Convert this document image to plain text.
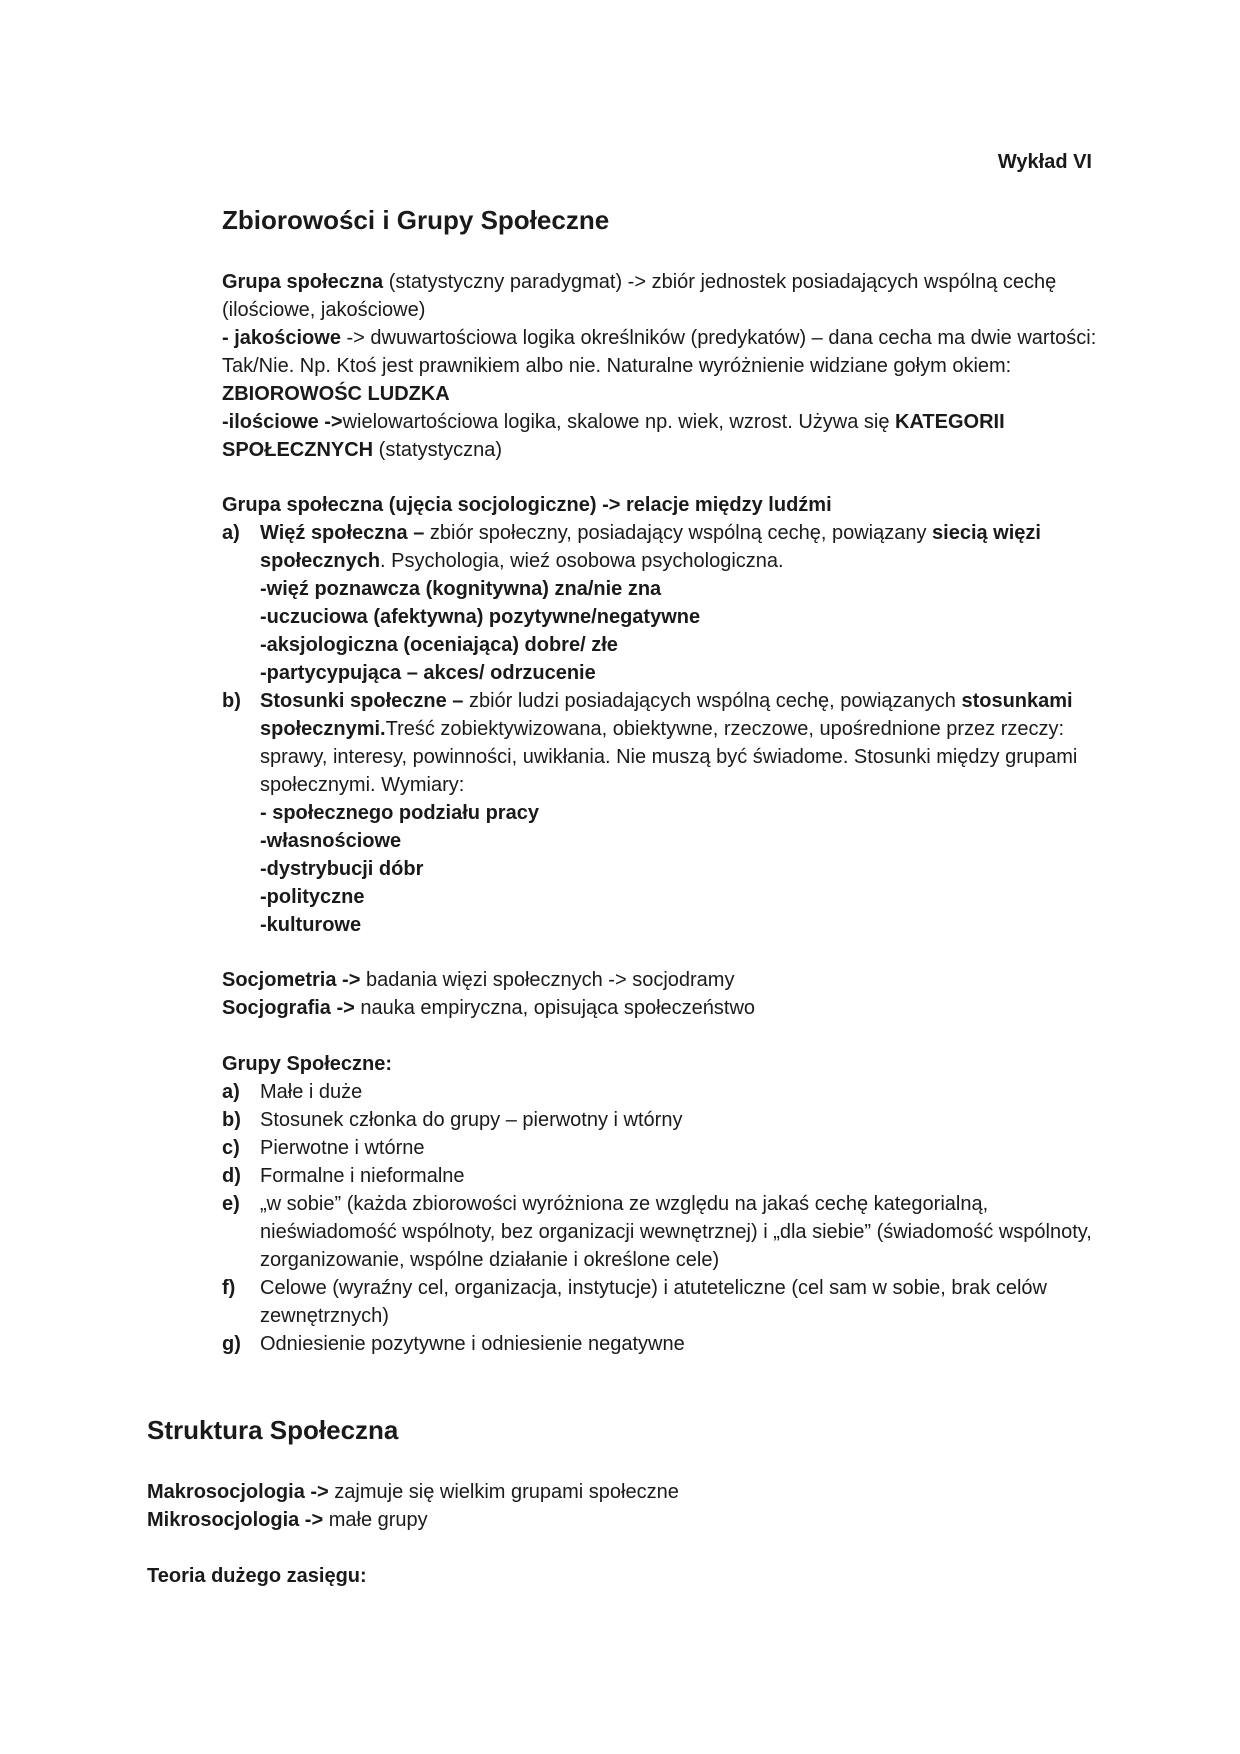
Wykład VI
Zbiorowości i Grupy Społeczne

Grupa społeczna (statystyczny paradygmat) -> zbiór jednostek posiadających wspólną cechę
(ilościowe, jakościowe)

- jakościowe -> dwuwartościowa logika określników (predykatów) – dana cecha ma dwie wartości: Tak/Nie. Np. Ktoś jest prawnikiem albo nie. Naturalne wyróżnienie widziane gołym okiem: ZBIOROWOŚC LUDZKA

-ilościowe ->wielowartościowa logika, skalowe np. wiek, wzrost. Używa się KATEGORII SPOŁECZNYCH (statystyczna)

Grupa społeczna (ujęcia socjologiczne) -> relacje między ludźmi

a)	Więź społeczna – zbiór społeczny, posiadający wspólną cechę, powiązany siecią więzi społecznych. Psychologia, wieź osobowa psychologiczna.
-więź poznawcza (kognitywna) zna/nie zna
-uczuciowa (afektywna) pozytywne/negatywne
-aksjologiczna (oceniająca) dobre/ złe
-partycypująca – akces/ odrzucenie
b) Stosunki społeczne – zbiór ludzi posiadających wspólną cechę, powiązanych stosunkami społecznymi.Treść zobiektywizowana, obiektywne, rzeczowe, upośrednione przez rzeczy: sprawy, interesy, powinności, uwikłania. Nie muszą być świadome. Stosunki między grupami społecznymi. Wymiary:
- społecznego podziału pracy
-własnościowe
-dystrybucji dóbr
-polityczne
-kulturowe

Socjometria -> badania więzi społecznych -> socjodramy

Socjografia -> nauka empiryczna, opisująca społeczeństwo

Grupy Społeczne:

a)	Małe i duże
b) Stosunek członka do grupy – pierwotny i wtórny
c)	Pierwotne i wtórne
d) Formalne i nieformalne
e)	„w sobie” (każda zbiorowości wyróżniona ze względu na jakaś cechę kategorialną, nieświadomość wspólnoty, bez organizacji wewnętrznej) i „dla siebie” (świadomość wspólnoty, zorganizowanie, wspólne działanie i określone cele)
f)	Celowe (wyraźny cel, organizacja, instytucje) i atuteteliczne (cel sam w sobie, brak celów zewnętrznych)
g) Odniesienie pozytywne i odniesienie negatywne
Struktura Społeczna

Makrosocjologia -> zajmuje się wielkim grupami społeczne

Mikrosocjologia -> małe grupy

Teoria dużego zasięgu:
